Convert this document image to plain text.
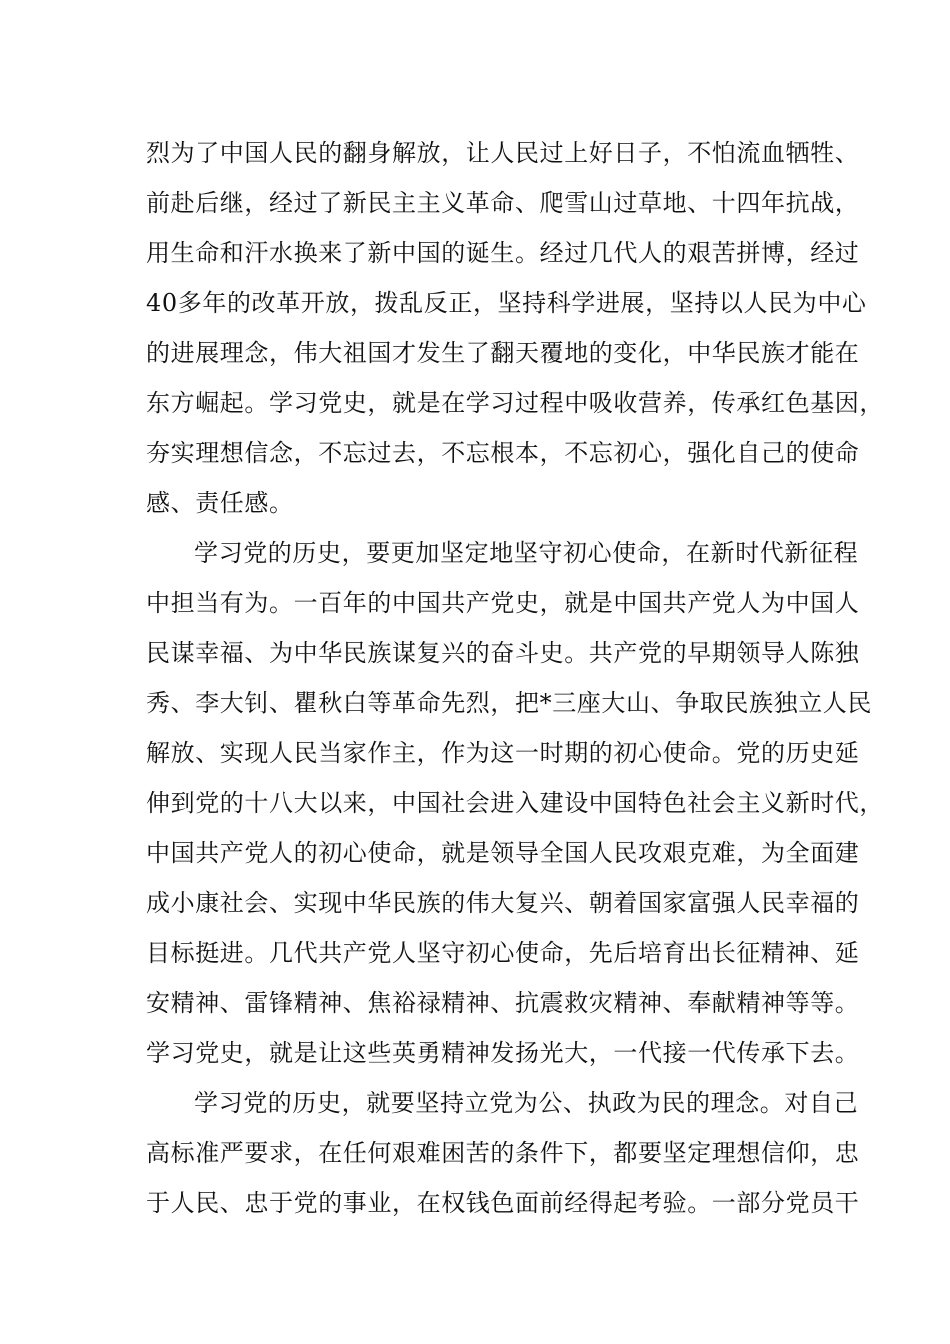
烈为了中国人民的翻身解放，让人民过上好日子，不怕流血牺牲、
前赴后继，经过了新民主主义革命、爬雪山过草地、十四年抗战，
用生命和汗水换来了新中国的诞生。经过几代人的艰苦拼博，经过
40多年的改革开放，拨乱反正，坚持科学进展，坚持以人民为中心
的进展理念，伟大祖国才发生了翻天覆地的变化，中华民族才能在
东方崛起。学习党史，就是在学习过程中吸收营养，传承红色基因，
夯实理想信念，不忘过去，不忘根本，不忘初心，强化自己的使命
感、责任感。
学习党的历史，要更加坚定地坚守初心使命，在新时代新征程
中担当有为。一百年的中国共产党史，就是中国共产党人为中国人
民谋幸福、为中华民族谋复兴的奋斗史。共产党的早期领导人陈独
秀、李大钊、瞿秋白等革命先烈，把*三座大山、争取民族独立人民
解放、实现人民当家作主，作为这一时期的初心使命。党的历史延
伸到党的十八大以来，中国社会进入建设中国特色社会主义新时代，
中国共产党人的初心使命，就是领导全国人民攻艰克难，为全面建
成小康社会、实现中华民族的伟大复兴、朝着国家富强人民幸福的
目标挺进。几代共产党人坚守初心使命，先后培育出长征精神、延
安精神、雷锋精神、焦裕禄精神、抗震救灾精神、奉献精神等等。
学习党史，就是让这些英勇精神发扬光大，一代接一代传承下去。
学习党的历史，就要坚持立党为公、执政为民的理念。对自己
高标准严要求，在任何艰难困苦的条件下，都要坚定理想信仰，忠
于人民、忠于党的事业，在权钱色面前经得起考验。一部分党员干
